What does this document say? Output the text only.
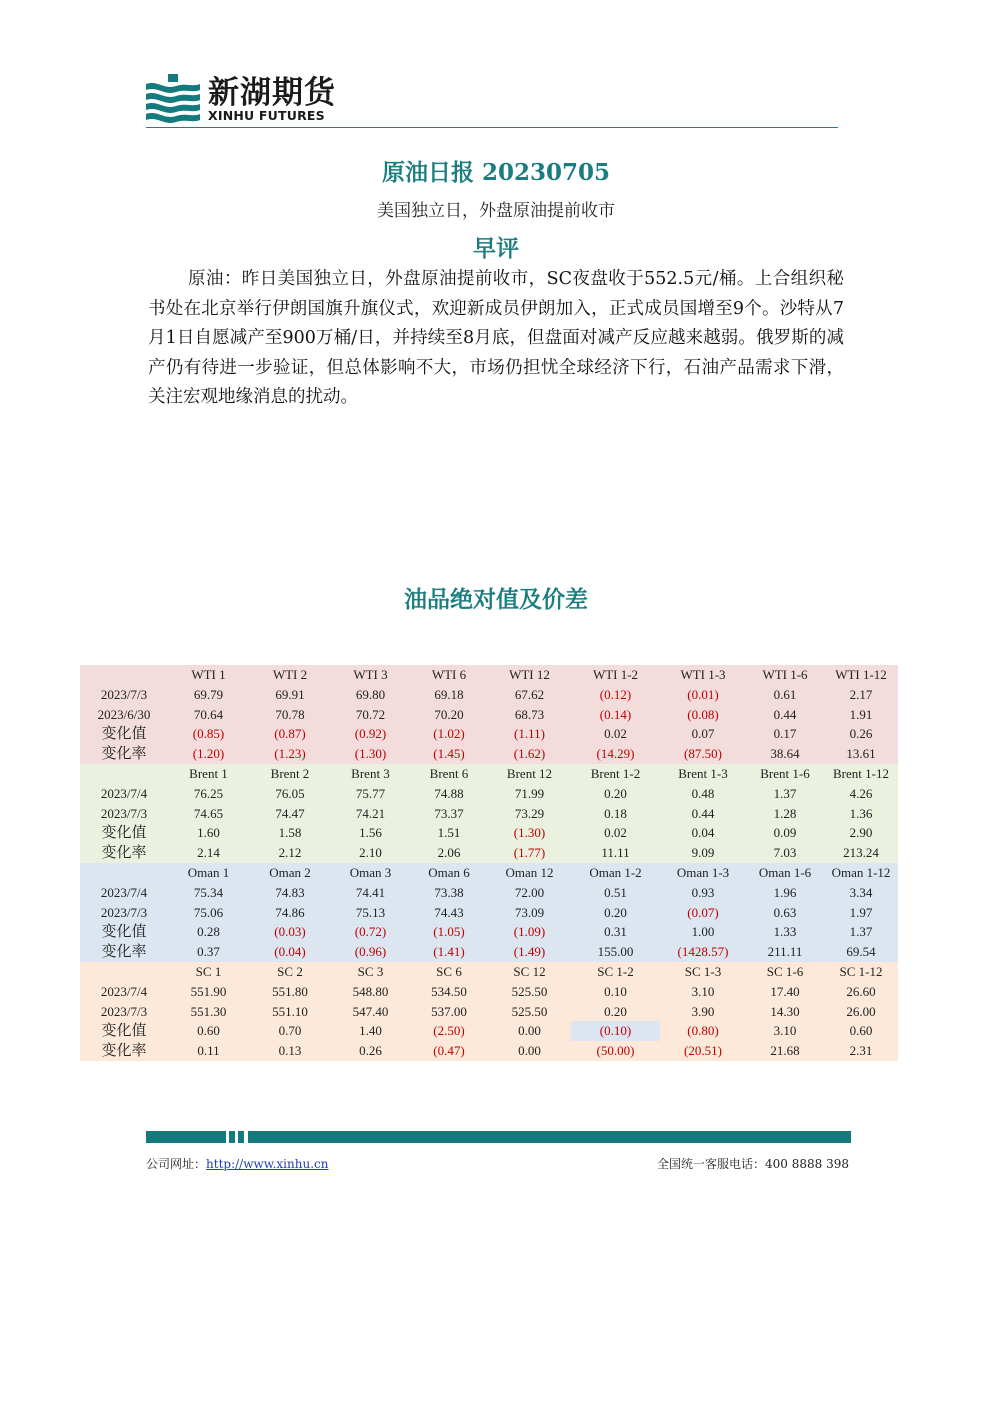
新湖期货
XINHU FUTURES
原油日报 20230705
美国独立日，外盘原油提前收市
早评

原油：昨日美国独立日，外盘原油提前收市，SC夜盘收于552.5元/桶。上合组织秘书处在北京举行伊朗国旗升旗仪式，欢迎新成员伊朗加入，正式成员国增至9个。沙特从7月1日自愿减产至900万桶/日，并持续至8月底，但盘面对减产反应越来越弱。俄罗斯的减产仍有待进一步验证，但总体影响不大，市场仍担忧全球经济下行，石油产品需求下滑，关注宏观地缘消息的扰动。

油品绝对值及价差
	WTI 1	WTI 2	WTI 3	WTI 6	WTI 12	WTI 1-2	WTI 1-3	WTI 1-6	WTI 1-12
2023/7/3	69.79	69.91	69.80	69.18	67.62	(0.12)	(0.01)	0.61	2.17
2023/6/30	70.64	70.78	70.72	70.20	68.73	(0.14)	(0.08)	0.44	1.91
变化值	(0.85)	(0.87)	(0.92)	(1.02)	(1.11)	0.02	0.07	0.17	0.26
变化率	(1.20)	(1.23)	(1.30)	(1.45)	(1.62)	(14.29)	(87.50)	38.64	13.61
	Brent 1	Brent 2	Brent 3	Brent 6	Brent 12	Brent 1-2	Brent 1-3	Brent 1-6	Brent 1-12
2023/7/4	76.25	76.05	75.77	74.88	71.99	0.20	0.48	1.37	4.26
2023/7/3	74.65	74.47	74.21	73.37	73.29	0.18	0.44	1.28	1.36
变化值	1.60	1.58	1.56	1.51	(1.30)	0.02	0.04	0.09	2.90
变化率	2.14	2.12	2.10	2.06	(1.77)	11.11	9.09	7.03	213.24
	Oman 1	Oman 2	Oman 3	Oman 6	Oman 12	Oman 1-2	Oman 1-3	Oman 1-6	Oman 1-12
2023/7/4	75.34	74.83	74.41	73.38	72.00	0.51	0.93	1.96	3.34
2023/7/3	75.06	74.86	75.13	74.43	73.09	0.20	(0.07)	0.63	1.97
变化值	0.28	(0.03)	(0.72)	(1.05)	(1.09)	0.31	1.00	1.33	1.37
变化率	0.37	(0.04)	(0.96)	(1.41)	(1.49)	155.00	(1428.57)	211.11	69.54
	SC 1	SC 2	SC 3	SC 6	SC 12	SC 1-2	SC 1-3	SC 1-6	SC 1-12
2023/7/4	551.90	551.80	548.80	534.50	525.50	0.10	3.10	17.40	26.60
2023/7/3	551.30	551.10	547.40	537.00	525.50	0.20	3.90	14.30	26.00
变化值	0.60	0.70	1.40	(2.50)	0.00	(0.10)	(0.80)	3.10	0.60
变化率	0.11	0.13	0.26	(0.47)	0.00	(50.00)	(20.51)	21.68	2.31
公司网址：http://www.xinhu.cn	全国统一客服电话：400 8888 398
